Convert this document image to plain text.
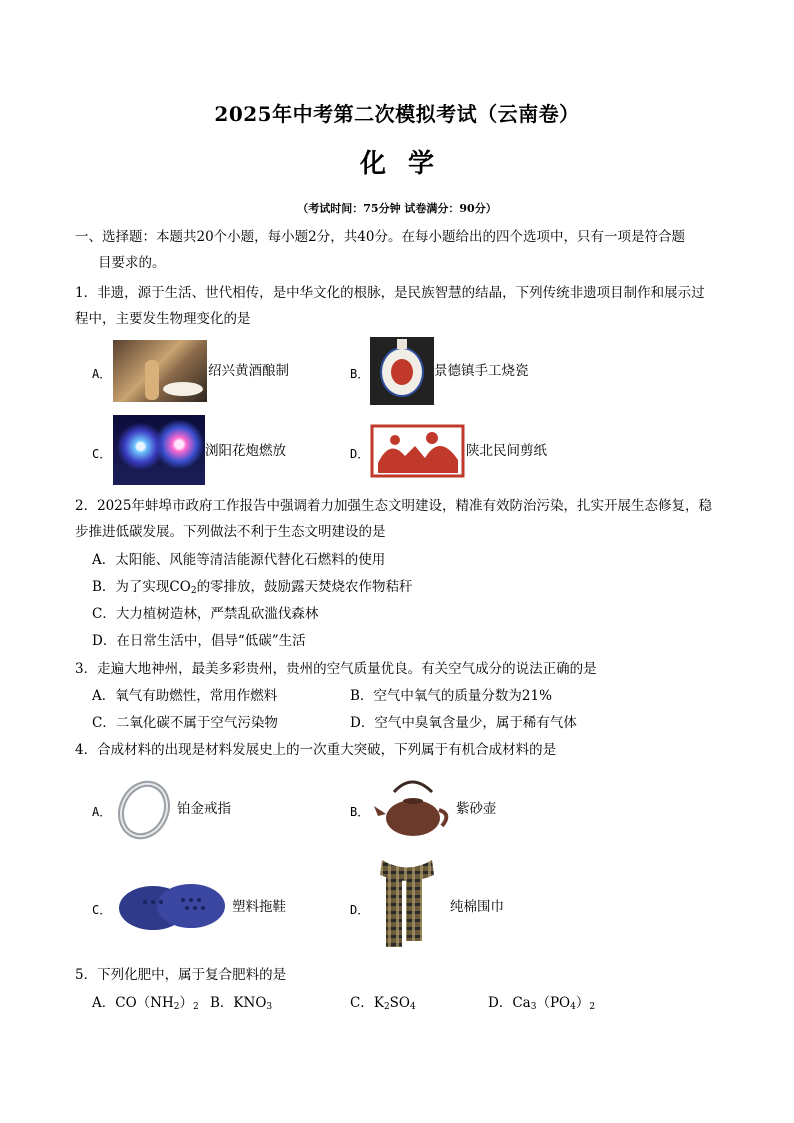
2025年中考第二次模拟考试（云南卷）
化学
（考试时间：75分钟 试卷满分：90分）
一、选择题：本题共20个小题，每小题2分，共40分。在每小题给出的四个选项中，只有一项是符合题
目要求的。
1．非遗，源于生活、世代相传，是中华文化的根脉，是民族智慧的结晶，下列传统非遗项目制作和展示过
程中，主要发生物理变化的是
A．	绍兴黄酒酿制	B．	景德镇手工烧瓷
C．	浏阳花炮燃放	D．	陕北民间剪纸
2．2025年蚌埠市政府工作报告中强调着力加强生态文明建设，精准有效防治污染，扎实开展生态修复，稳
步推进低碳发展。下列做法不利于生态文明建设的是
A．太阳能、风能等清洁能源代替化石燃料的使用
B．为了实现$CO_2$的零排放，鼓励露天焚烧农作物秸秆
C．大力植树造林，严禁乱砍滥伐森林
D．在日常生活中，倡导“低碳”生活
3．走遍大地神州，最美多彩贵州，贵州的空气质量优良。有关空气成分的说法正确的是
A．氧气有助燃性，常用作燃料	B．空气中氧气的质量分数为21%
C．二氧化碳不属于空气污染物	D．空气中臭氧含量少，属于稀有气体
4．合成材料的出现是材料发展史上的一次重大突破，下列属于有机合成材料的是
A．	铂金戒指	B．	紫砂壶
C．	塑料拖鞋	D．	纯棉围巾
5．下列化肥中，属于复合肥料的是
A．$CO(NH_2)_2$ B．$KNO_3$	C．$K_2SO_4$	D．$Ca_3(PO_4)_2$
